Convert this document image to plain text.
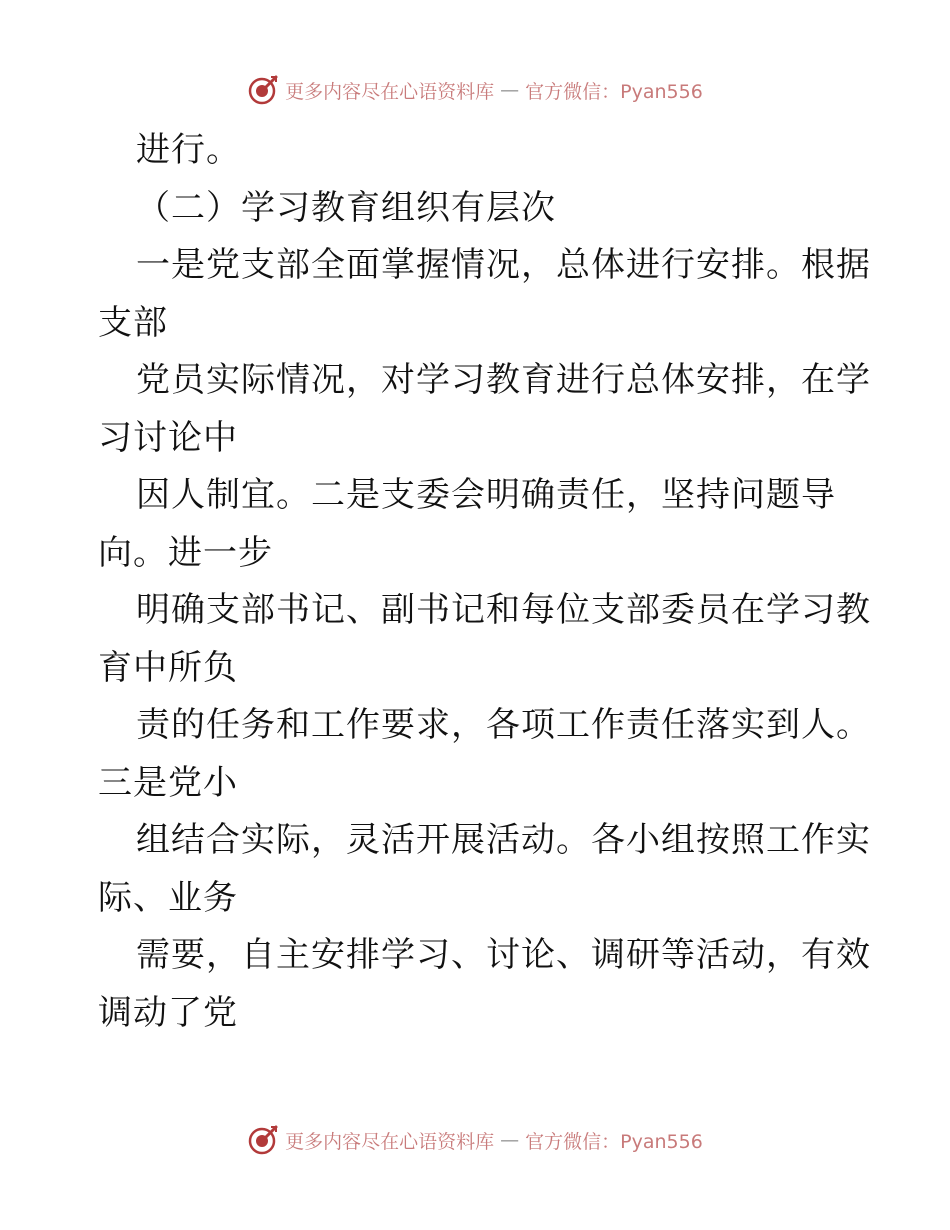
更多内容尽在心语资料库 — 官方微信：Pyan556
进行。
（二）学习教育组织有层次
一是党支部全面掌握情况，总体进行安排。根据
支部
党员实际情况，对学习教育进行总体安排，在学
习讨论中
因人制宜。二是支委会明确责任，坚持问题导
向。进一步
明确支部书记、副书记和每位支部委员在学习教
育中所负
责的任务和工作要求，各项工作责任落实到人。
三是党小
组结合实际，灵活开展活动。各小组按照工作实
际、业务
需要，自主安排学习、讨论、调研等活动，有效
调动了党
更多内容尽在心语资料库 — 官方微信：Pyan556
